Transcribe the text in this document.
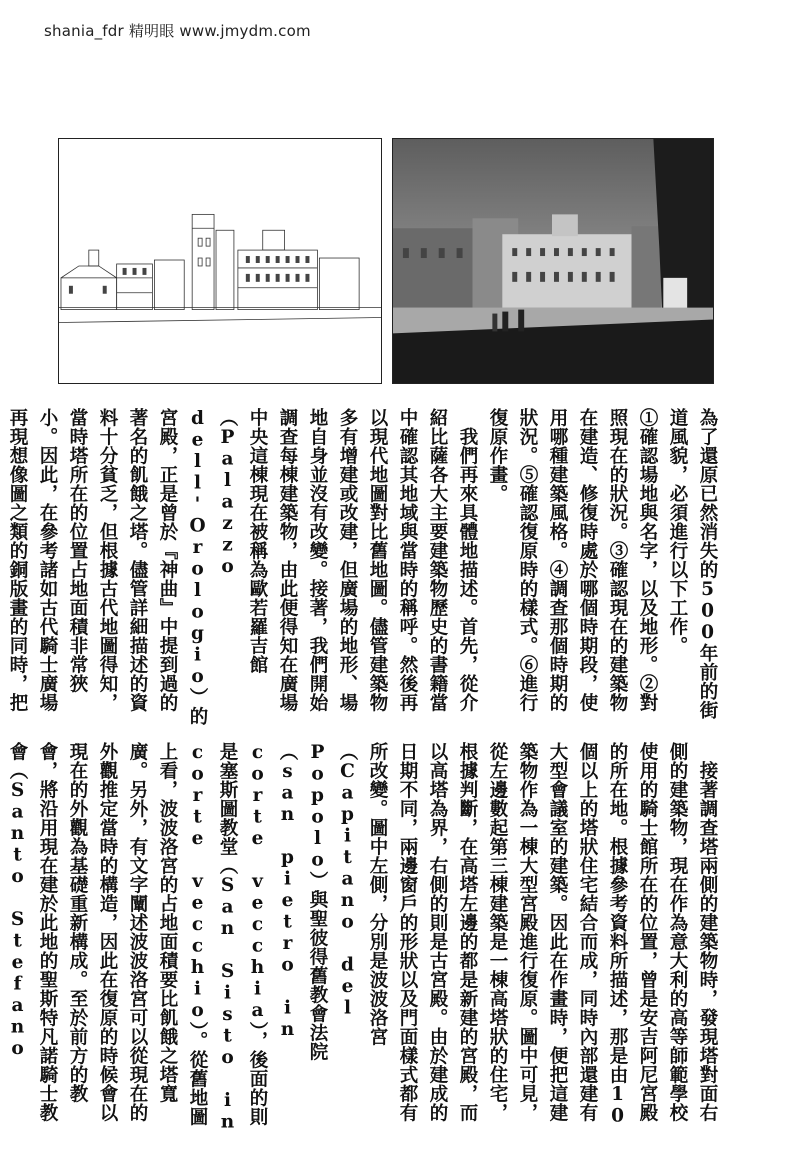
shania_fdr 精明眼 www.jmydm.com

為了還原已然消失的500年前的街道風貌，必須進行以下工作。

①確認場地與名字，以及地形。②對照現在的狀況。③確認現在的建築物在建造、修復時處於哪個時期段，使用哪種建築風格。④調查那個時期的狀況。⑤確認復原時的樣式。⑥進行復原作畫。

　我們再來具體地描述。首先，從介紹比薩各大主要建築物歷史的書籍當中確認其地域與當時的稱呼。然後再以現代地圖對比舊地圖。儘管建築物多有增建或改建，但廣場的地形、場地自身並沒有改變。接著，我們開始調查每棟建築物，由此便得知在廣場中央這棟現在被稱為歐若羅吉館（Palazzo dell'Orologio）的宮殿，正是曾於『神曲』中提到過的著名的飢餓之塔。儘管詳細描述的資料十分貧乏，但根據古代地圖得知，當時塔所在的位置占地面積非常狹小。因此，在參考諸如古代騎士廣場再現想像圖之類的銅版畫的同時，把

　接著調查塔兩側的建築物時，發現塔對面右側的建築物，現在作為意大利的高等師範學校使用的騎士館所在的位置，曾是安吉阿尼宮殿的所在地。根據參考資料所描述，那是由10個以上的塔狀住宅結合而成，同時內部還建有大型會議室的建築。因此在作畫時，便把這建築物作為一棟大型宮殿進行復原。圖中可見，從左邊數起第三棟建築是一棟高塔狀的住宅，根據判斷，在高塔左邊的都是新建的宮殿，而以高塔為界，右側的則是古宮殿。由於建成的日期不同，兩邊窗戶的形狀以及門面樣式都有所改變。圖中左側，分別是波波洛宮（Capitano del Popolo）與聖彼得舊教會法院（san pietro in corte vecchia），後面的則是塞斯圖教堂（San Sisto in corte vecchio）。從舊地圖上看，波波洛宮的占地面積要比飢餓之塔寬廣。另外，有文字闡述波波洛宮可以從現在的外觀推定當時的構造，因此在復原的時候會以現在的外觀為基礎重新構成。至於前方的教會，將沿用現在建於此地的聖斯特凡諾騎士教會（Santo Stefano
